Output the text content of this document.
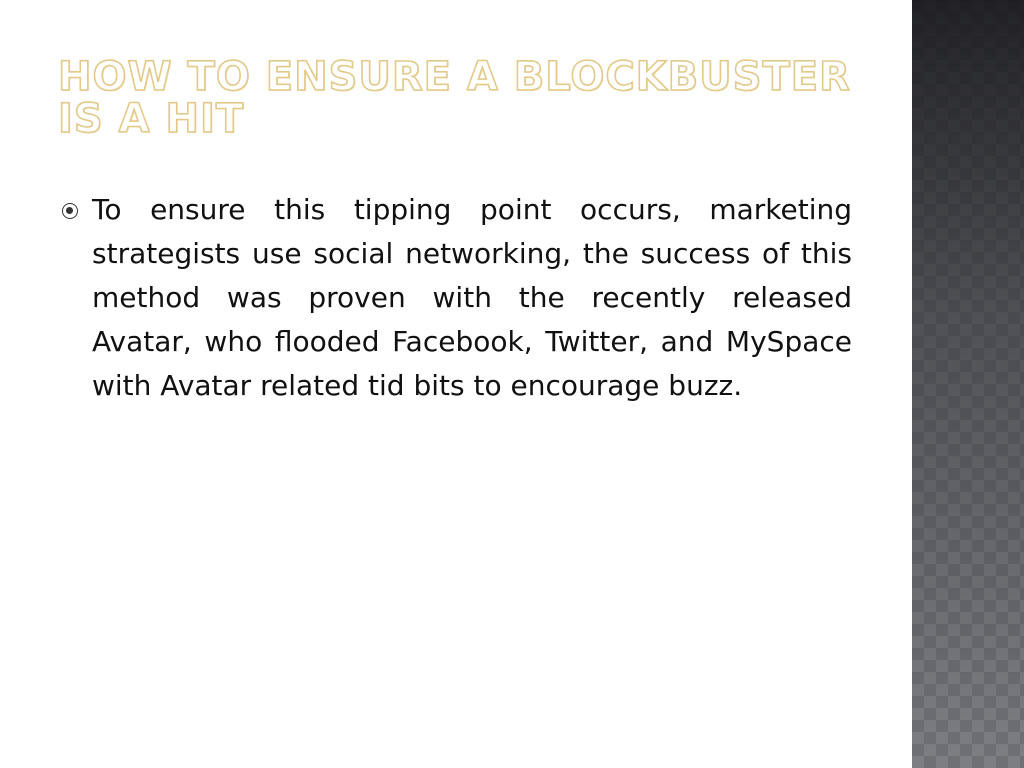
HOW TO ENSURE A BLOCKBUSTER IS A HIT

To ensure this tipping point occurs, marketing strategists use social networking, the success of this method was proven with the recently released Avatar, who flooded Facebook, Twitter, and MySpace with Avatar related tid bits to encourage buzz.
